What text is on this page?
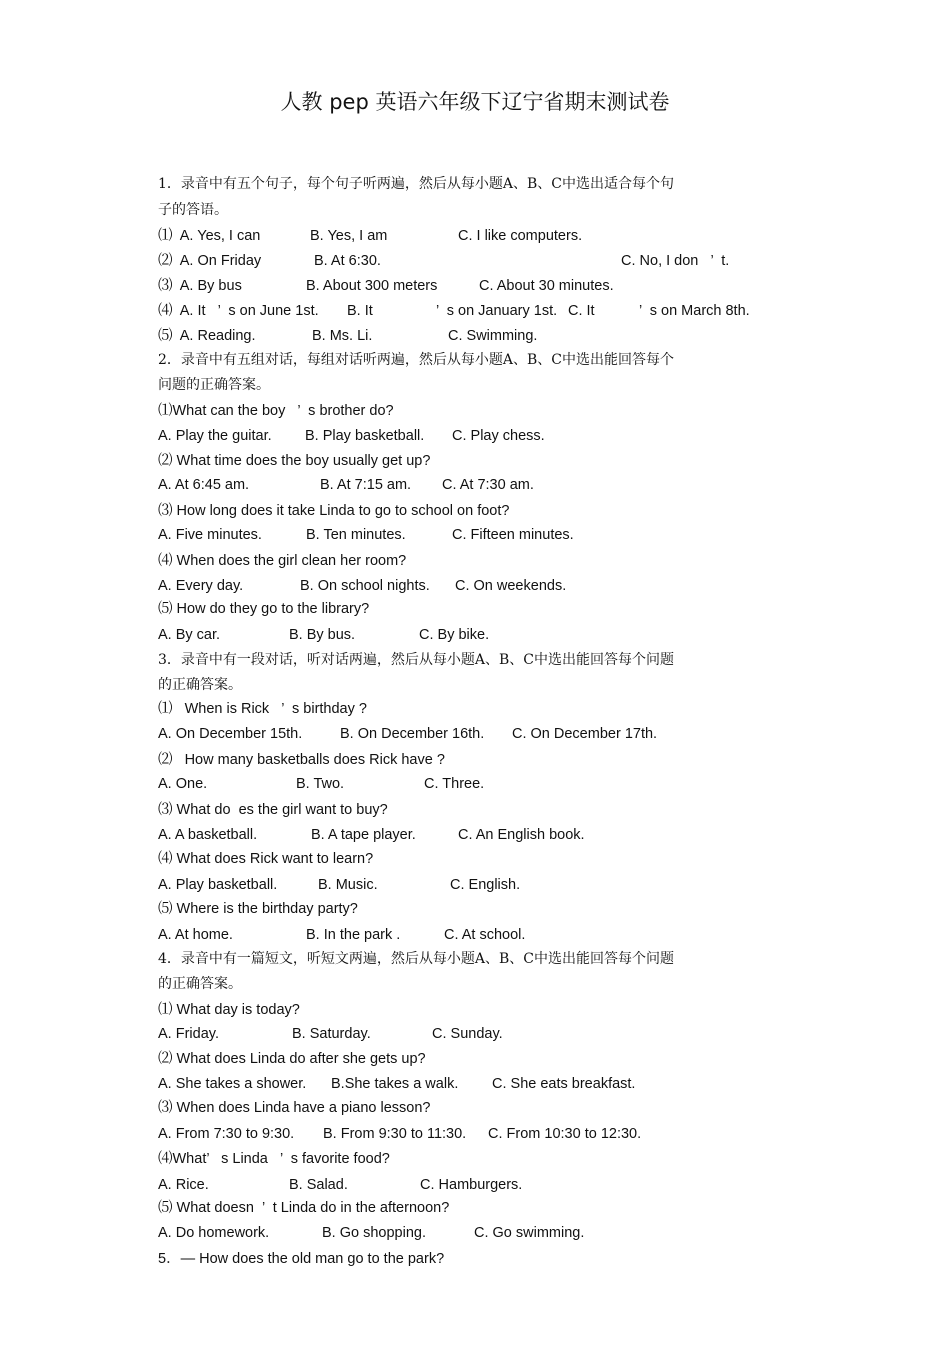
人教 pep 英语六年级下辽宁省期末测试卷
1．录音中有五个句子，每个句子听两遍，然后从每小题A、B、C中选出适合每个句
子的答语。
⑴  A. Yes, I can	B. Yes, I am	C. I like computers.
⑵  A. On Friday	B. At 6:30.	C. No, I don   ’  t.
⑶  A. By bus	B. About 300 meters	C. About 30 minutes.
⑷  A. It   ’  s on June 1st. B. It	’  s on January 1st. C. It	’  s on March 8th.
⑸  A. Reading.	B. Ms. Li.	C. Swimming.
2．录音中有五组对话，每组对话听两遍，然后从每小题A、B、C中选出能回答每个
问题的正确答案。
⑴What can the boy   ’  s brother do?
A. Play the guitar. B. Play basketball. C. Play chess.
⑵ What time does the boy usually get up?
A. At 6:45 am.	B. At 7:15 am. C. At 7:30 am.
⑶ How long does it take Linda to go to school on foot?
A. Five minutes.	B. Ten minutes.	C. Fifteen minutes.
⑷ When does the girl clean her room?
A. Every day.	B. On school nights. C. On weekends.
⑸ How do they go to the library?
A. By car.	B. By bus.	C. By bike.
3．录音中有一段对话，听对话两遍，然后从每小题A、B、C中选出能回答每个问题
的正确答案。
⑴   When is Rick   ’  s birthday ?
A. On December 15th.	B. On December 16th. C. On December 17th.
⑵   How many basketballs does Rick have ?
A. One.	B. Two.	C. Three.
⑶ What do  es the girl want to buy?
A. A basketball.	B. A tape player.	C. An English book.
⑷ What does Rick want to learn?
A. Play basketball.	B. Music.	C. English.
⑸ Where is the birthday party?
A. At home.	B. In the park .	C. At school.
4．录音中有一篇短文，听短文两遍，然后从每小题A、B、C中选出能回答每个问题
的正确答案。
⑴ What day is today?
A. Friday.	B. Saturday.	C. Sunday.
⑵ What does Linda do after she gets up?
A. She takes a shower. B.She takes a walk. C. She eats breakfast.
⑶ When does Linda have a piano lesson?
A. From 7:30 to 9:30. B. From 9:30 to 11:30. C. From 10:30 to 12:30.
⑷What’   s Linda   ’  s favorite food?
A. Rice.	B. Salad.	C. Hamburgers.
⑸ What doesn  ’  t Linda do in the afternoon?
A. Do homework.	B. Go shopping.	C. Go swimming.
5．— How does the old man go to the park?
